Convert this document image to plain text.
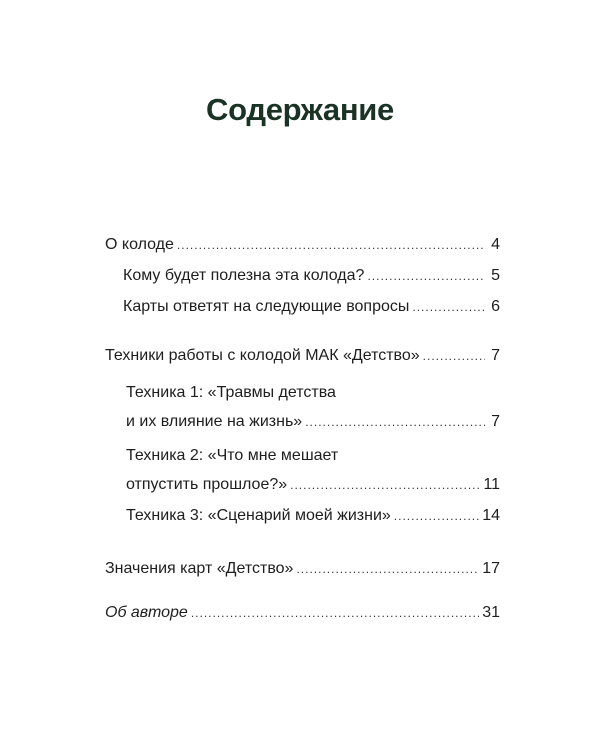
Содержание
О колоде .....	4
Кому будет полезна эта колода? .....	5
Карты ответят на следующие вопросы .....	6
Техники работы с колодой МАК «Детство» .....	7
Техника 1: «Травмы детства
и их влияние на жизнь» .....	7
Техника 2: «Что мне мешает
отпустить прошлое?» .....	11
Техника 3: «Сценарий моей жизни» .....	14
Значения карт «Детство» .....	17
Об авторе .....	31
